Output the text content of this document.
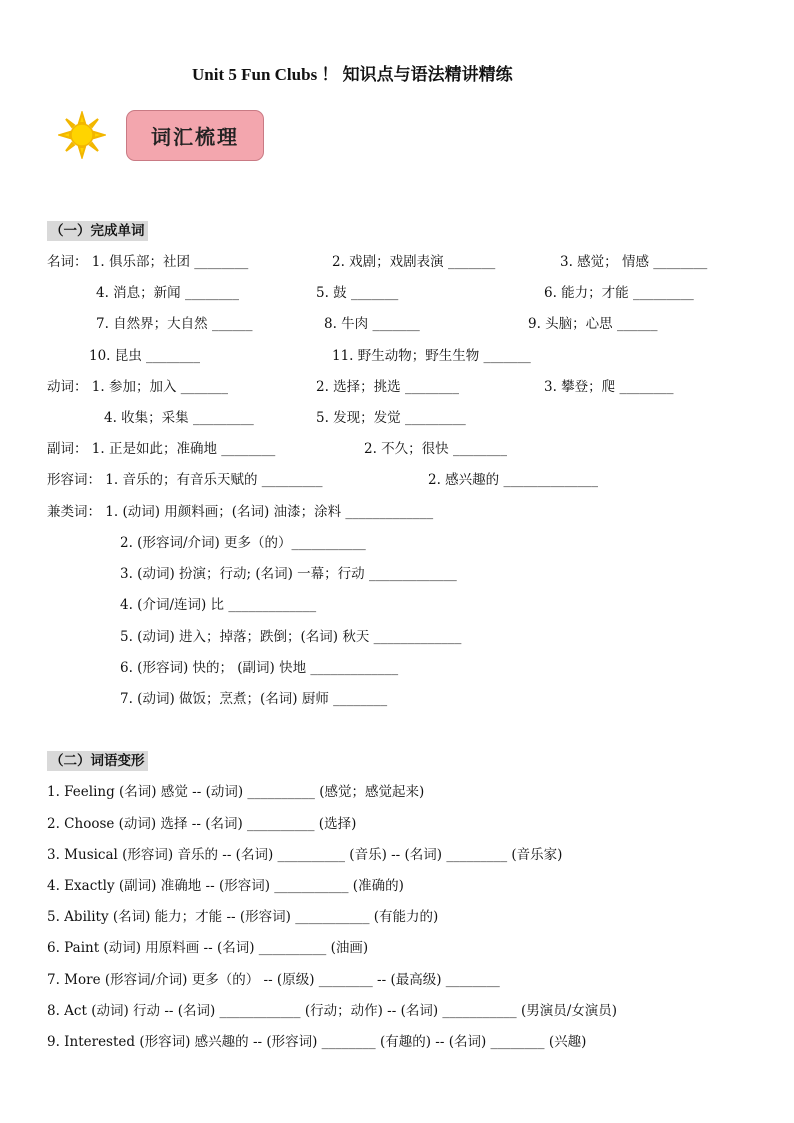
Unit 5 Fun Clubs ！ 知识点与语法精讲精练
词汇梳理
（一）完成单词
名词： 1. 俱乐部；社团 ________	2. 戏剧；戏剧表演 _______	3. 感觉； 情感 ________
4. 消息；新闻 ________	5. 鼓 _______	6. 能力；才能 _________
7. 自然界；大自然 ______	8. 牛肉 _______	9. 头脑；心思 ______
10. 昆虫 ________	11. 野生动物；野生生物 _______
动词： 1. 参加；加入 _______	2. 选择；挑选 ________	3. 攀登；爬 ________
4. 收集；采集 _________	5. 发现；发觉 _________
副词： 1. 正是如此；准确地 ________	2. 不久；很快 ________
形容词： 1. 音乐的；有音乐天赋的 _________	2. 感兴趣的 ______________
兼类词： 1. (动词) 用颜料画；(名词) 油漆；涂料 _____________
2. (形容词/介词) 更多（的）___________
3. (动词) 扮演；行动; (名词) 一幕；行动 _____________
4. (介词/连词) 比 _____________
5. (动词) 进入；掉落；跌倒；(名词) 秋天 _____________
6. (形容词) 快的； (副词) 快地 _____________
7. (动词) 做饭；烹煮；(名词) 厨师 ________
（二）词语变形
1. Feeling (名词) 感觉 -- (动词) __________ (感觉；感觉起来)
2. Choose (动词) 选择 -- (名词) __________ (选择)
3. Musical (形容词) 音乐的 -- (名词) __________ (音乐) -- (名词) _________ (音乐家)
4. Exactly (副词) 准确地 -- (形容词) ___________ (准确的)
5. Ability (名词) 能力；才能 -- (形容词) ___________ (有能力的)
6. Paint (动词) 用原料画 -- (名词) __________ (油画)
7. More (形容词/介词) 更多（的） -- (原级) ________ -- (最高级) ________
8. Act (动词) 行动 -- (名词) ____________ (行动；动作) -- (名词) ___________ (男演员/女演员)
9. Interested (形容词) 感兴趣的 -- (形容词) ________ (有趣的) -- (名词) ________ (兴趣)
